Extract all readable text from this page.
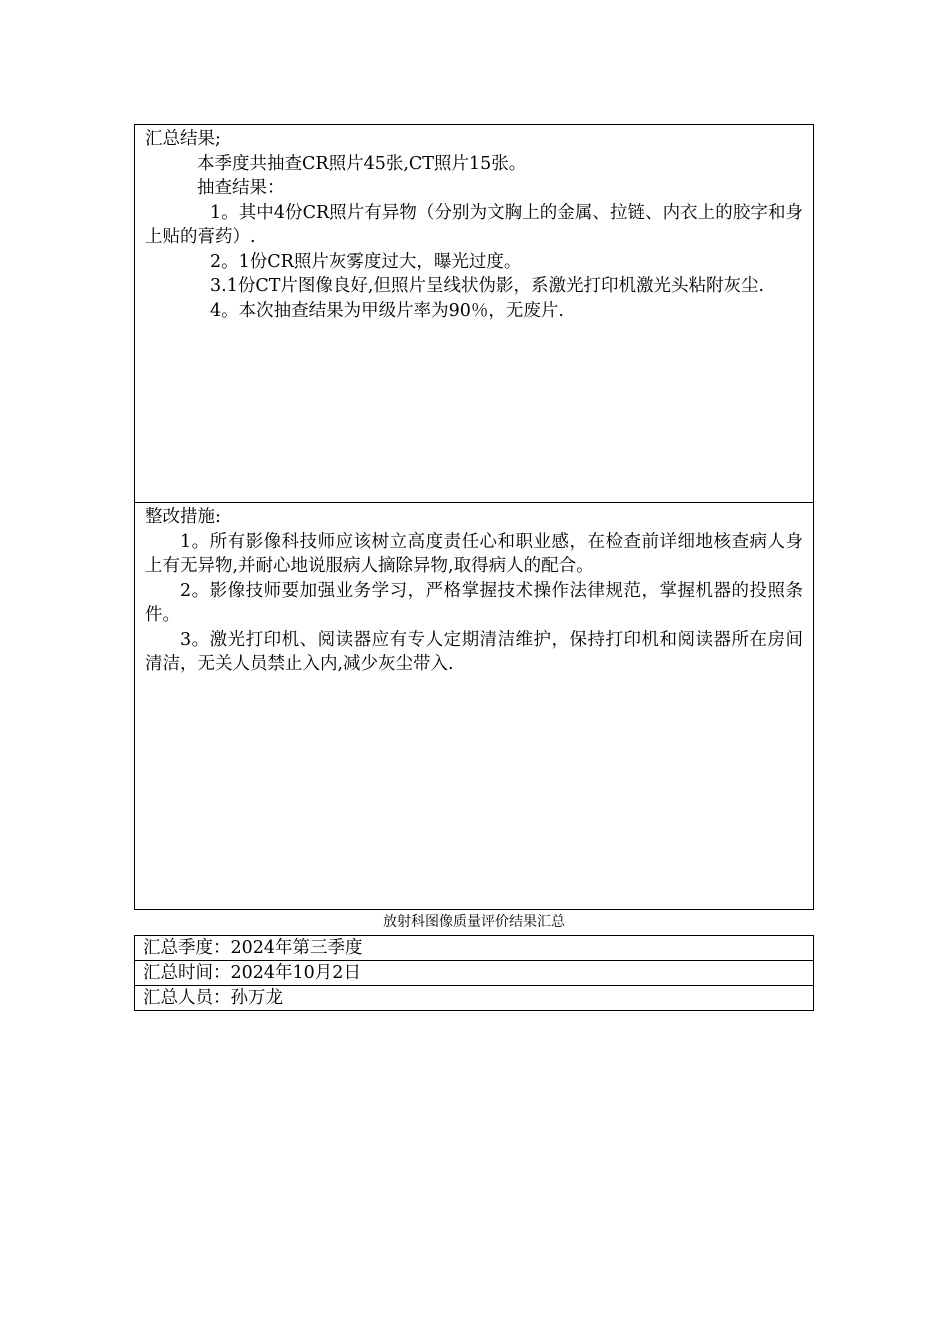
汇总结果;

本季度共抽查CR照片45张,CT照片15张。

抽查结果：

1。其中4份CR照片有异物（分别为文胸上的金属、拉链、内衣上的胶字和身上贴的膏药）.

2。1份CR照片灰雾度过大，曝光过度。

3.1份CT片图像良好,但照片呈线状伪影，系激光打印机激光头粘附灰尘.

4。本次抽查结果为甲级片率为90％，无废片.

整改措施:

1。所有影像科技师应该树立高度责任心和职业感，在检查前详细地核查病人身上有无异物,并耐心地说服病人摘除异物,取得病人的配合。

2。影像技师要加强业务学习，严格掌握技术操作法律规范，掌握机器的投照条件。

3。激光打印机、阅读器应有专人定期清洁维护，保持打印机和阅读器所在房间清洁，无关人员禁止入内,减少灰尘带入.

放射科图像质量评价结果汇总
汇总季度：2024年第三季度
汇总时间：2024年10月2日
汇总人员：孙万龙
